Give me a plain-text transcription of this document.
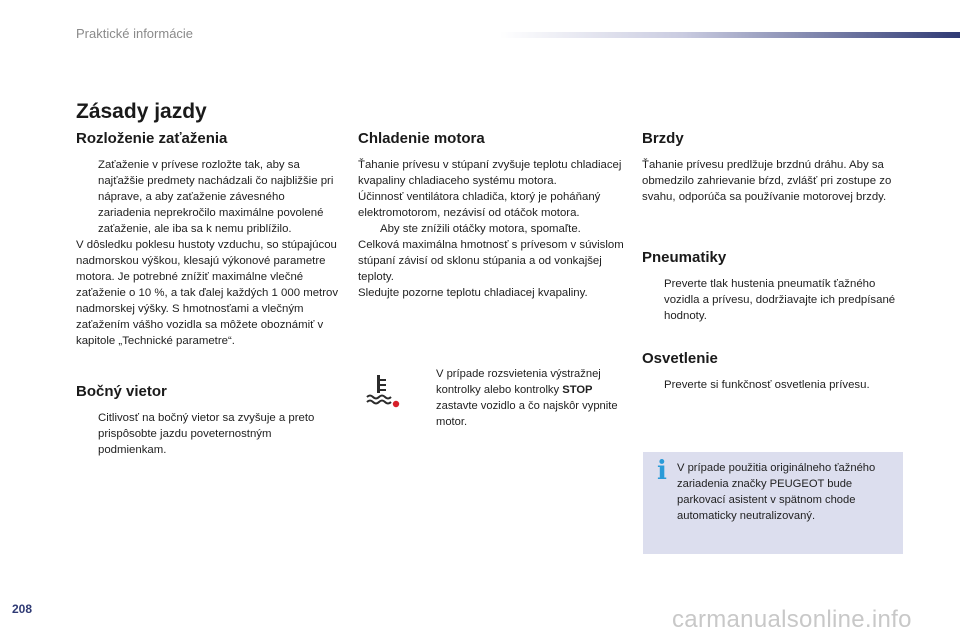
Praktické informácie
Zásady jazdy
Rozloženie zaťaženia
Zaťaženie v prívese rozložte tak, aby sa najťažšie predmety nachádzali čo najbližšie pri nápravе, a aby zaťaženie závesného zariadenia neprekročilo maximálne povolené zaťaženie, ale iba sa k nemu priblížilo.

V dôsledku poklesu hustoty vzduchu, so stúpajúcou nadmorskou výškou, klesajú výkonové parametre motora. Je potrebné znížiť maximálne vlečné zaťaženie o 10 %, a tak ďalej každých 1 000 metrov nadmorskej výšky. S hmotnosťami a vlečným zaťažením vášho vozidla sa môžete oboznámiť v kapitole „Technické parametre“.

Bočný vietor
Citlivosť na bočný vietor sa zvyšuje a preto prispôsobte jazdu poveternostným podmienkam.
Chladenie motora

Ťahanie prívesu v stúpaní zvyšuje teplotu chladiacej kvapaliny chladiaceho systému motora.

Účinnosť ventilátora chladiča, ktorý je poháňaný elektromotorom, nezávisí od otáčok motora.

Aby ste znížili otáčky motora, spomaľte.

Celková maximálna hmotnosť s prívesom v súvislom stúpaní závisí od sklonu stúpania a od vonkajšej teploty.

Sledujte pozorne teplotu chladiacej kvapaliny.

V prípade rozsvietenia výstražnej kontrolky alebo kontrolky STOP zastavte vozidlo a čo najskôr vypnite motor.
Brzdy

Ťahanie prívesu predlžuje brzdnú dráhu. Aby sa obmedzilo zahrievanie bŕzd, zvlášť pri zostupe zo svahu, odporúča sa používanie motorovej brzdy.

Pneumatiky
Preverte tlak hustenia pneumatík ťažného vozidla a prívesu, dodržiavajte ich predpísané hodnoty.
Osvetlenie
Preverte si funkčnosť osvetlenia prívesu.
i V prípade použitia originálneho ťažného zariadenia značky PEUGEOT bude parkovací asistent v spätnom chode automaticky neutralizovaný.
208	carmanualsonline.info
